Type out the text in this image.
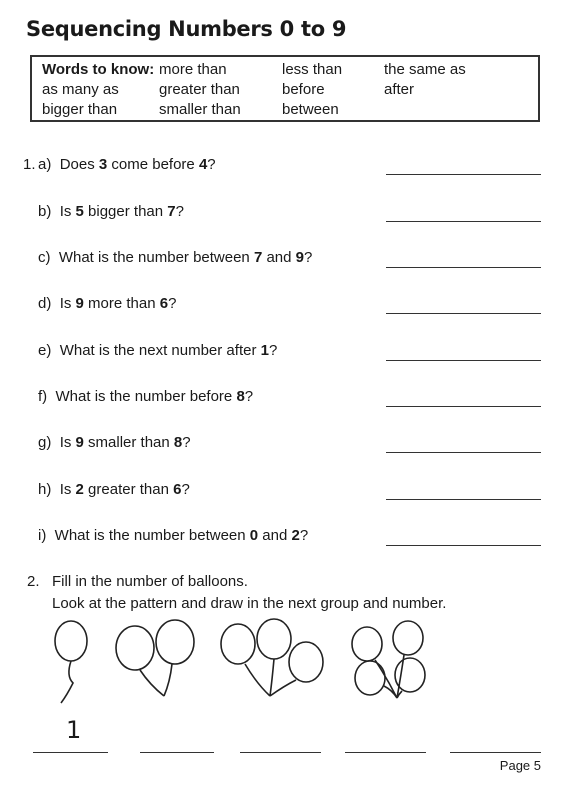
Sequencing Numbers 0 to 9
Words to know: more than	less than	the same as
as many as	greater than	before	after
bigger than	smaller than	between
1. a) Does 3 come before 4?
b) Is 5 bigger than 7?
c) What is the number between 7 and 9?
d) Is 9 more than 6?
e) What is the next number after 1?
f) What is the number before 8?
g) Is 9 smaller than 8?
h) Is 2 greater than 6?
i) What is the number between 0 and 2?
2. Fill in the number of balloons.
Look at the pattern and draw in the next group and number.
1
Page 5
